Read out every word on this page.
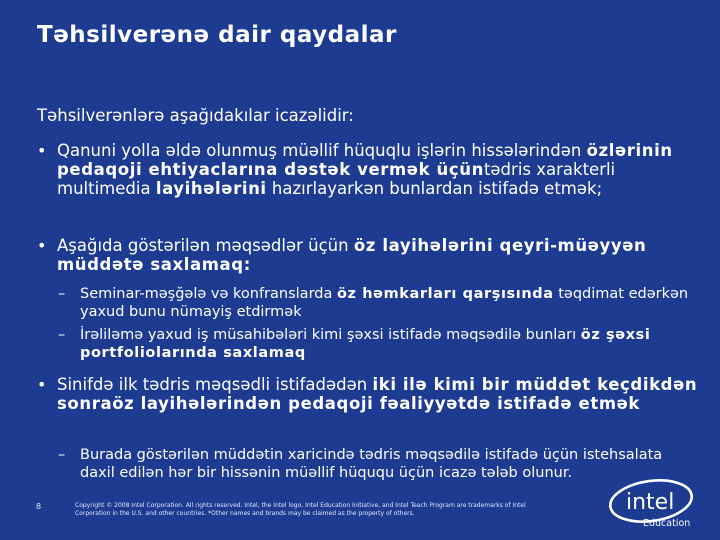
Təhsilverənə dair qaydalar
Təhsilverənlərə aşağıdakılar icazəlidir:
• Qanuni yolla əldə olunmuş müəllif hüquqlu işlərin hissələrindən özlərinin pedaqoji ehtiyaclarına dəstək vermək üçüntədris xarakterli multimedia layihələrini hazırlayarkən bunlardan istifadə etmək;
• Aşağıda göstərilən məqsədlər üçün öz layihələrini qeyri-müəyyən müddətə saxlamaq:
– Seminar-məşğələ və konfranslarda öz həmkarları qarşısında təqdimat edərkən yaxud bunu nümayiş etdirmək
– İrəliləmə yaxud iş müsahibələri kimi şəxsi istifadə məqsədilə bunları öz şəxsi portfoliolarında saxlamaq
• Sinifdə ilk tədris məqsədli istifadədən iki ilə kimi bir müddət keçdikdən sonraöz layihələrindən pedaqoji fəaliyyətdə istifadə etmək
– Burada göstərilən müddətin xaricində tədris məqsədilə istifadə üçün istehsalata daxil edilən hər bir hissənin müəllif hüququ üçün icazə tələb olunur.
8	Copyright © 2008 Intel Corporation. All rights reserved. Intel, the Intel logo, Intel Education Initiative, and Intel Teach Program are trademarks of Intel Corporation in the U.S. and other countries. *Other names and brands may be claimed as the property of others.	intel
Education
